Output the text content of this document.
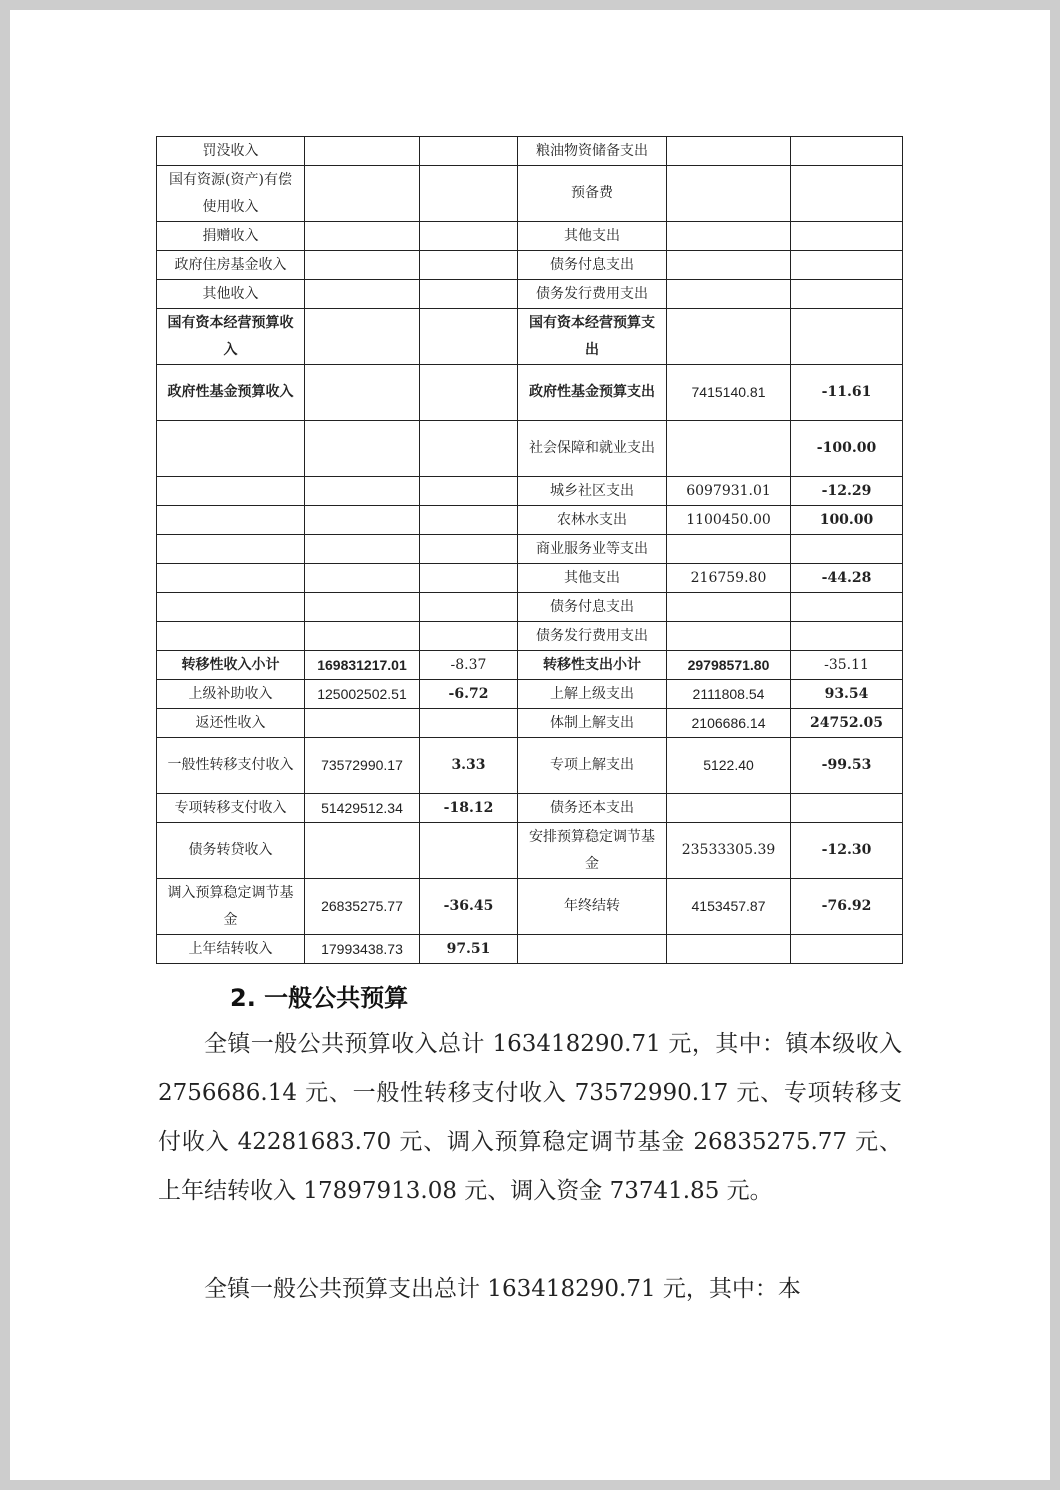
罚没收入			粮油物资储备支出		
国有资源(资产)有偿使用收入			预备费		
捐赠收入			其他支出		
政府住房基金收入			债务付息支出		
其他收入			债务发行费用支出		
国有资本经营预算收入			国有资本经营预算支出		
政府性基金预算收入			政府性基金预算支出	7415140.81	-11.61
			社会保障和就业支出		-100.00
			城乡社区支出	6097931.01	-12.29
			农林水支出	1100450.00	100.00
			商业服务业等支出		
			其他支出	216759.80	-44.28
			债务付息支出		
			债务发行费用支出		
转移性收入小计	169831217.01	-8.37	转移性支出小计	29798571.80	-35.11
上级补助收入	125002502.51	-6.72	上解上级支出	2111808.54	93.54
返还性收入			体制上解支出	2106686.14	24752.05
一般性转移支付收入	73572990.17	3.33	专项上解支出	5122.40	-99.53
专项转移支付收入	51429512.34	-18.12	债务还本支出		
债务转贷收入			安排预算稳定调节基金	23533305.39	-12.30
调入预算稳定调节基金	26835275.77	-36.45	年终结转	4153457.87	-76.92
上年结转收入	17993438.73	97.51			
2. 一般公共预算

全镇一般公共预算收入总计 163418290.71 元，其中：镇本级收入 2756686.14 元、一般性转移支付收入 73572990.17 元、专项转移支付收入 42281683.70 元、调入预算稳定调节基金 26835275.77 元、上年结转收入 17897913.08 元、调入资金 73741.85 元。

全镇一般公共预算支出总计 163418290.71 元，其中：本
